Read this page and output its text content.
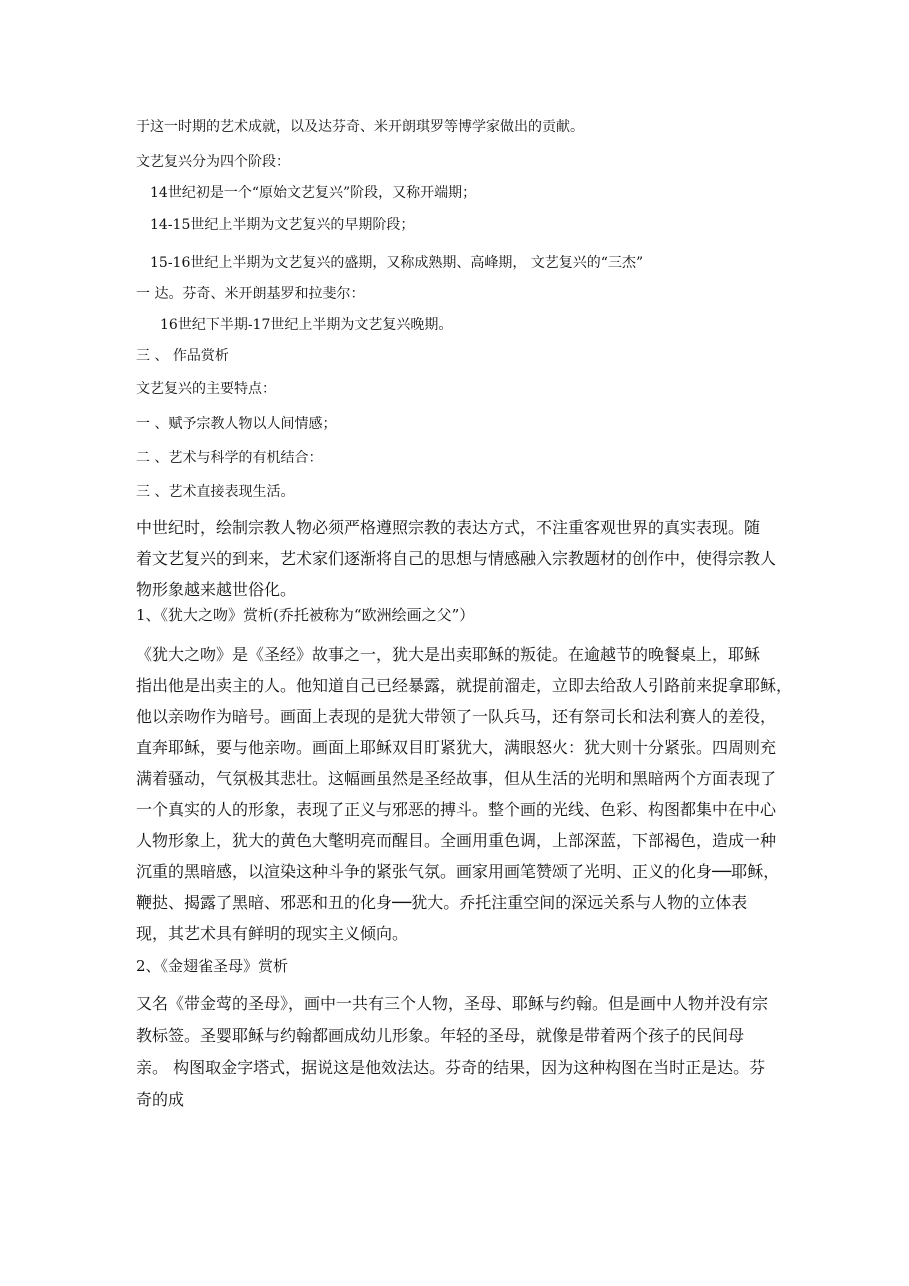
于这一时期的艺术成就，以及达芬奇、米开朗琪罗等博学家做出的贡献。
文艺复兴分为四个阶段：
14世纪初是一个“原始文艺复兴”阶段，又称开端期；
14-15世纪上半期为文艺复兴的早期阶段；
15-16世纪上半期为文艺复兴的盛期，又称成熟期、高峰期， 文艺复兴的“三杰”
一 达。芬奇、米开朗基罗和拉斐尔：
16世纪下半期-17世纪上半期为文艺复兴晚期。
三 、 作品赏析
文艺复兴的主要特点：
一 、赋予宗教人物以人间情感；
二 、艺术与科学的有机结合：
三 、艺术直接表现生活。
中世纪时，绘制宗教人物必须严格遵照宗教的表达方式，不注重客观世界的真实表现。随
着文艺复兴的到来，艺术家们逐渐将自己的思想与情感融入宗教题材的创作中，使得宗教人
物形象越来越世俗化。
1、《犹大之吻》赏析(乔托被称为“欧洲绘画之父”）
《犹大之吻》是《圣经》故事之一，犹大是出卖耶稣的叛徒。在逾越节的晚餐桌上，耶稣
指出他是出卖主的人。他知道自己已经暴露，就提前溜走，立即去给敌人引路前来捉拿耶稣，
他以亲吻作为暗号。画面上表现的是犹大带领了一队兵马，还有祭司长和法利赛人的差役，
直奔耶稣，要与他亲吻。画面上耶稣双目盯紧犹大，满眼怒火：犹大则十分紧张。四周则充
满着骚动，气氛极其悲壮。这幅画虽然是圣经故事，但从生活的光明和黑暗两个方面表现了
一个真实的人的形象，表现了正义与邪恶的搏斗。整个画的光线、色彩、构图都集中在中心
人物形象上，犹大的黄色大氅明亮而醒目。全画用重色调，上部深蓝，下部褐色，造成一种
沉重的黑暗感，以渲染这种斗争的紧张气氛。画家用画笔赞颂了光明、正义的化身──耶稣，
鞭挞、揭露了黑暗、邪恶和丑的化身──犹大。乔托注重空间的深远关系与人物的立体表
现，其艺术具有鲜明的现实主义倾向。
2、《金翅雀圣母》赏析
又名《带金莺的圣母》，画中一共有三个人物，圣母、耶稣与约翰。但是画中人物并没有宗
教标签。圣婴耶稣与约翰都画成幼儿形象。年轻的圣母，就像是带着两个孩子的民间母
亲。 构图取金字塔式，据说这是他效法达。芬奇的结果，因为这种构图在当时正是达。芬
奇的成
